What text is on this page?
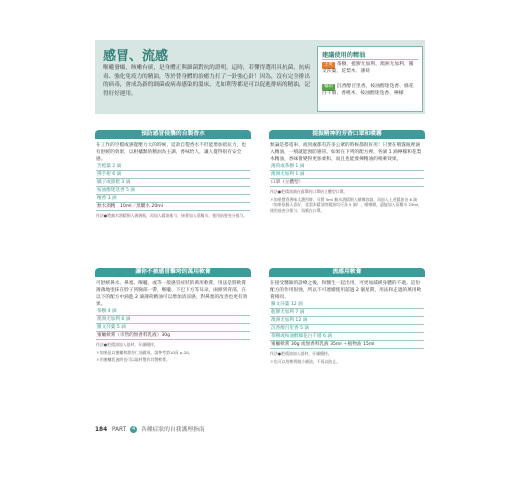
感冒、流感
喉嚨發癢，咳嗽有痰，是身體正與細菌對抗的證明，這時，若懂得選用具抗菌、抗病毒、強化免疫力的精油，等於替身體的治癒力打了一針強心針！因為，沒有完全排出的病毒，會成為新的細菌或病毒感染的溫床，尤如利等都是可以促進排病的精油，記得好好運用。
建議使用的精油
主要 茶樹、藍膠尤加利、澳洲尤加利、羅文莎葉、花梨木、薄荷
輔助 沉香醇百里香、桉油醇迷迭香、綠花白千層、香桃木、桉油醇迷迭香、檸檬
預防感冒侵襲的自製香水
在工作的空檔或感覺壓力大的時候，這款自製香水不但能增加抵抗力，也有舒緩的效果，以柑橘類的精油為主調，香味怡人，讓人覺得很有安全感。
苦橙葉 2 滴
佛手柑 6 滴
橘子或甜橙 3 滴
桉油醇迷迭香 5 滴
檀香 3 滴
無水酒精　10ml／蒸餾水 20ml
作法●將無水酒精倒入玻璃瓶，再加入精油搖勻，接著加入蒸餾水，使用前要充分搖勻。
提振精神的芳香口罩和噴霧
無論是搭電車、或到處都有許多公眾的時候都很好用！只要在噴霧瓶裡滴入精油，一噴就能預防感冒。如果在下列的配方裡，各滴 1 滴檸檬和花梨木精油，香味會變得更加柔和，而且也能發揮精油的相乘效果。
薄荷或茶樹 1 滴
澳洲尤加利 1 滴
口罩（立體型）
作法●把精油滴在面罩的口罩的立體型口罩。
＊如果覺得香味太濃烈時，可將 5ml 無水酒精倒入噴霧容器，再加入上述精油各 6 滴（如果依個人喜好，花梨木精油等精油均可各 5 滴），噴噴噴，還能加入蒸餾水 25ml，使用前充分搖勻，再噴在口罩。
讓你不被感冒擊垮的萬用軟膏
可舒緩鼻水、鼻塞、喉嚨、或等一般感冒症狀的萬用軟膏，用法是將軟膏薄薄地塗抹在脖子到胸部一帶，喉嚨、下巴下方等耳朵，兩條到背部，在以下的配方中滴進 2 滴薄荷精油可以增加清涼感，對鼻塞的改善也更有效果。
茶樹 4 滴
澳洲尤加利 6 滴
羅文莎葉 5 滴
蜜蠟軟膏（市售的無香料乳液）30g
作法●把精油加入基材，仔細攪拌。
＊如果是以蜜蠟和甜杏仁油做成，請參考第10頁 p.20。
＊用蜜蠟乳液時也可以取材製作其製軟膏。
流感用軟膏
在接受醫師的診療之後，和醫生一起出用，可更加減緩身體的不適。這份配方的作用很強，所以不可連續使用超過 2 個星期，用法和走過的萬用軟膏相同。
羅文莎葉 12 滴
藍膠尤加利 7 滴
澳洲尤加利 12 滴
沉香醇百里香 5 滴
茶樹或桉油醇綠花白千層 6 滴
蜜蠟軟膏 30g 或無香料乳液 35ml ＋植物油 15ml
作法●把精油加入基材，仔細攪拌。
＊也可以用軟膏做小調油，不再以防止。
184 PART 4 各種症狀的自我護理指南
